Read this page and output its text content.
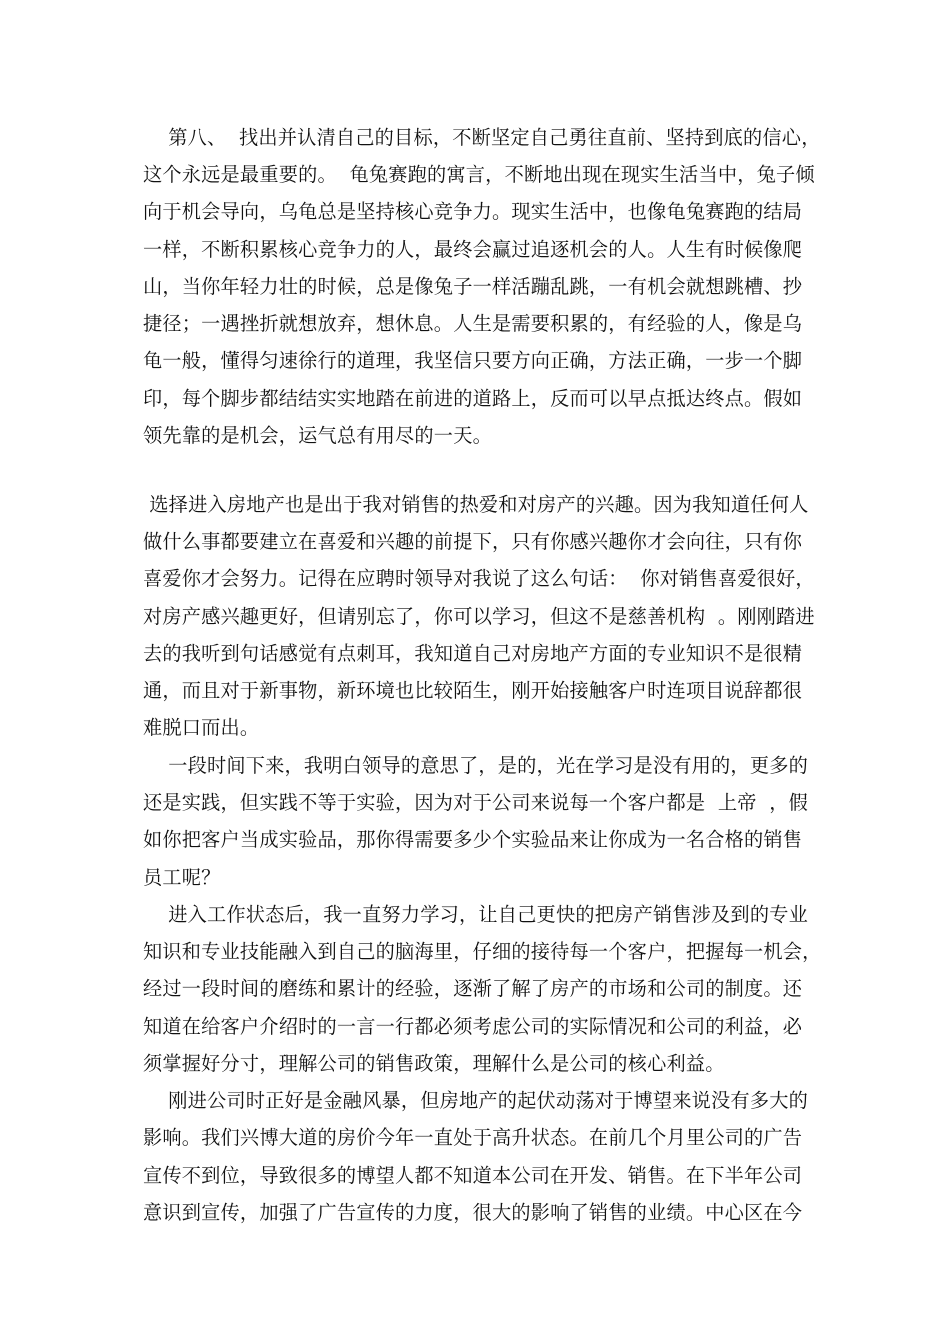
第八、  找出并认清自己的目标，不断坚定自己勇往直前、坚持到底的信心，
这个永远是最重要的。  龟兔赛跑的寓言，不断地出现在现实生活当中，兔子倾
向于机会导向，乌龟总是坚持核心竞争力。现实生活中，也像龟兔赛跑的结局
一样，不断积累核心竞争力的人，最终会赢过追逐机会的人。人生有时候像爬
山，当你年轻力壮的时候，总是像兔子一样活蹦乱跳，一有机会就想跳槽、抄
捷径；一遇挫折就想放弃，想休息。人生是需要积累的，有经验的人，像是乌
龟一般，懂得匀速徐行的道理，我坚信只要方向正确，方法正确，一步一个脚
印，每个脚步都结结实实地踏在前进的道路上，反而可以早点抵达终点。假如
领先靠的是机会，运气总有用尽的一天。
选择进入房地产也是出于我对销售的热爱和对房产的兴趣。因为我知道任何人
做什么事都要建立在喜爱和兴趣的前提下，只有你感兴趣你才会向往，只有你
喜爱你才会努力。记得在应聘时领导对我说了这么句话：  你对销售喜爱很好，
对房产感兴趣更好，但请别忘了，你可以学习，但这不是慈善机构  。刚刚踏进
去的我听到句话感觉有点刺耳，我知道自己对房地产方面的专业知识不是很精
通，而且对于新事物，新环境也比较陌生，刚开始接触客户时连项目说辞都很
难脱口而出。
一段时间下来，我明白领导的意思了，是的，光在学习是没有用的，更多的
还是实践，但实践不等于实验，因为对于公司来说每一个客户都是  上帝  ，假
如你把客户当成实验品，那你得需要多少个实验品来让你成为一名合格的销售
员工呢？
进入工作状态后，我一直努力学习，让自己更快的把房产销售涉及到的专业
知识和专业技能融入到自己的脑海里，仔细的接待每一个客户，把握每一机会，
经过一段时间的磨练和累计的经验，逐渐了解了房产的市场和公司的制度。还
知道在给客户介绍时的一言一行都必须考虑公司的实际情况和公司的利益，必
须掌握好分寸，理解公司的销售政策，理解什么是公司的核心利益。
刚进公司时正好是金融风暴，但房地产的起伏动荡对于博望来说没有多大的
影响。我们兴博大道的房价今年一直处于高升状态。在前几个月里公司的广告
宣传不到位，导致很多的博望人都不知道本公司在开发、销售。在下半年公司
意识到宣传，加强了广告宣传的力度，很大的影响了销售的业绩。中心区在今
